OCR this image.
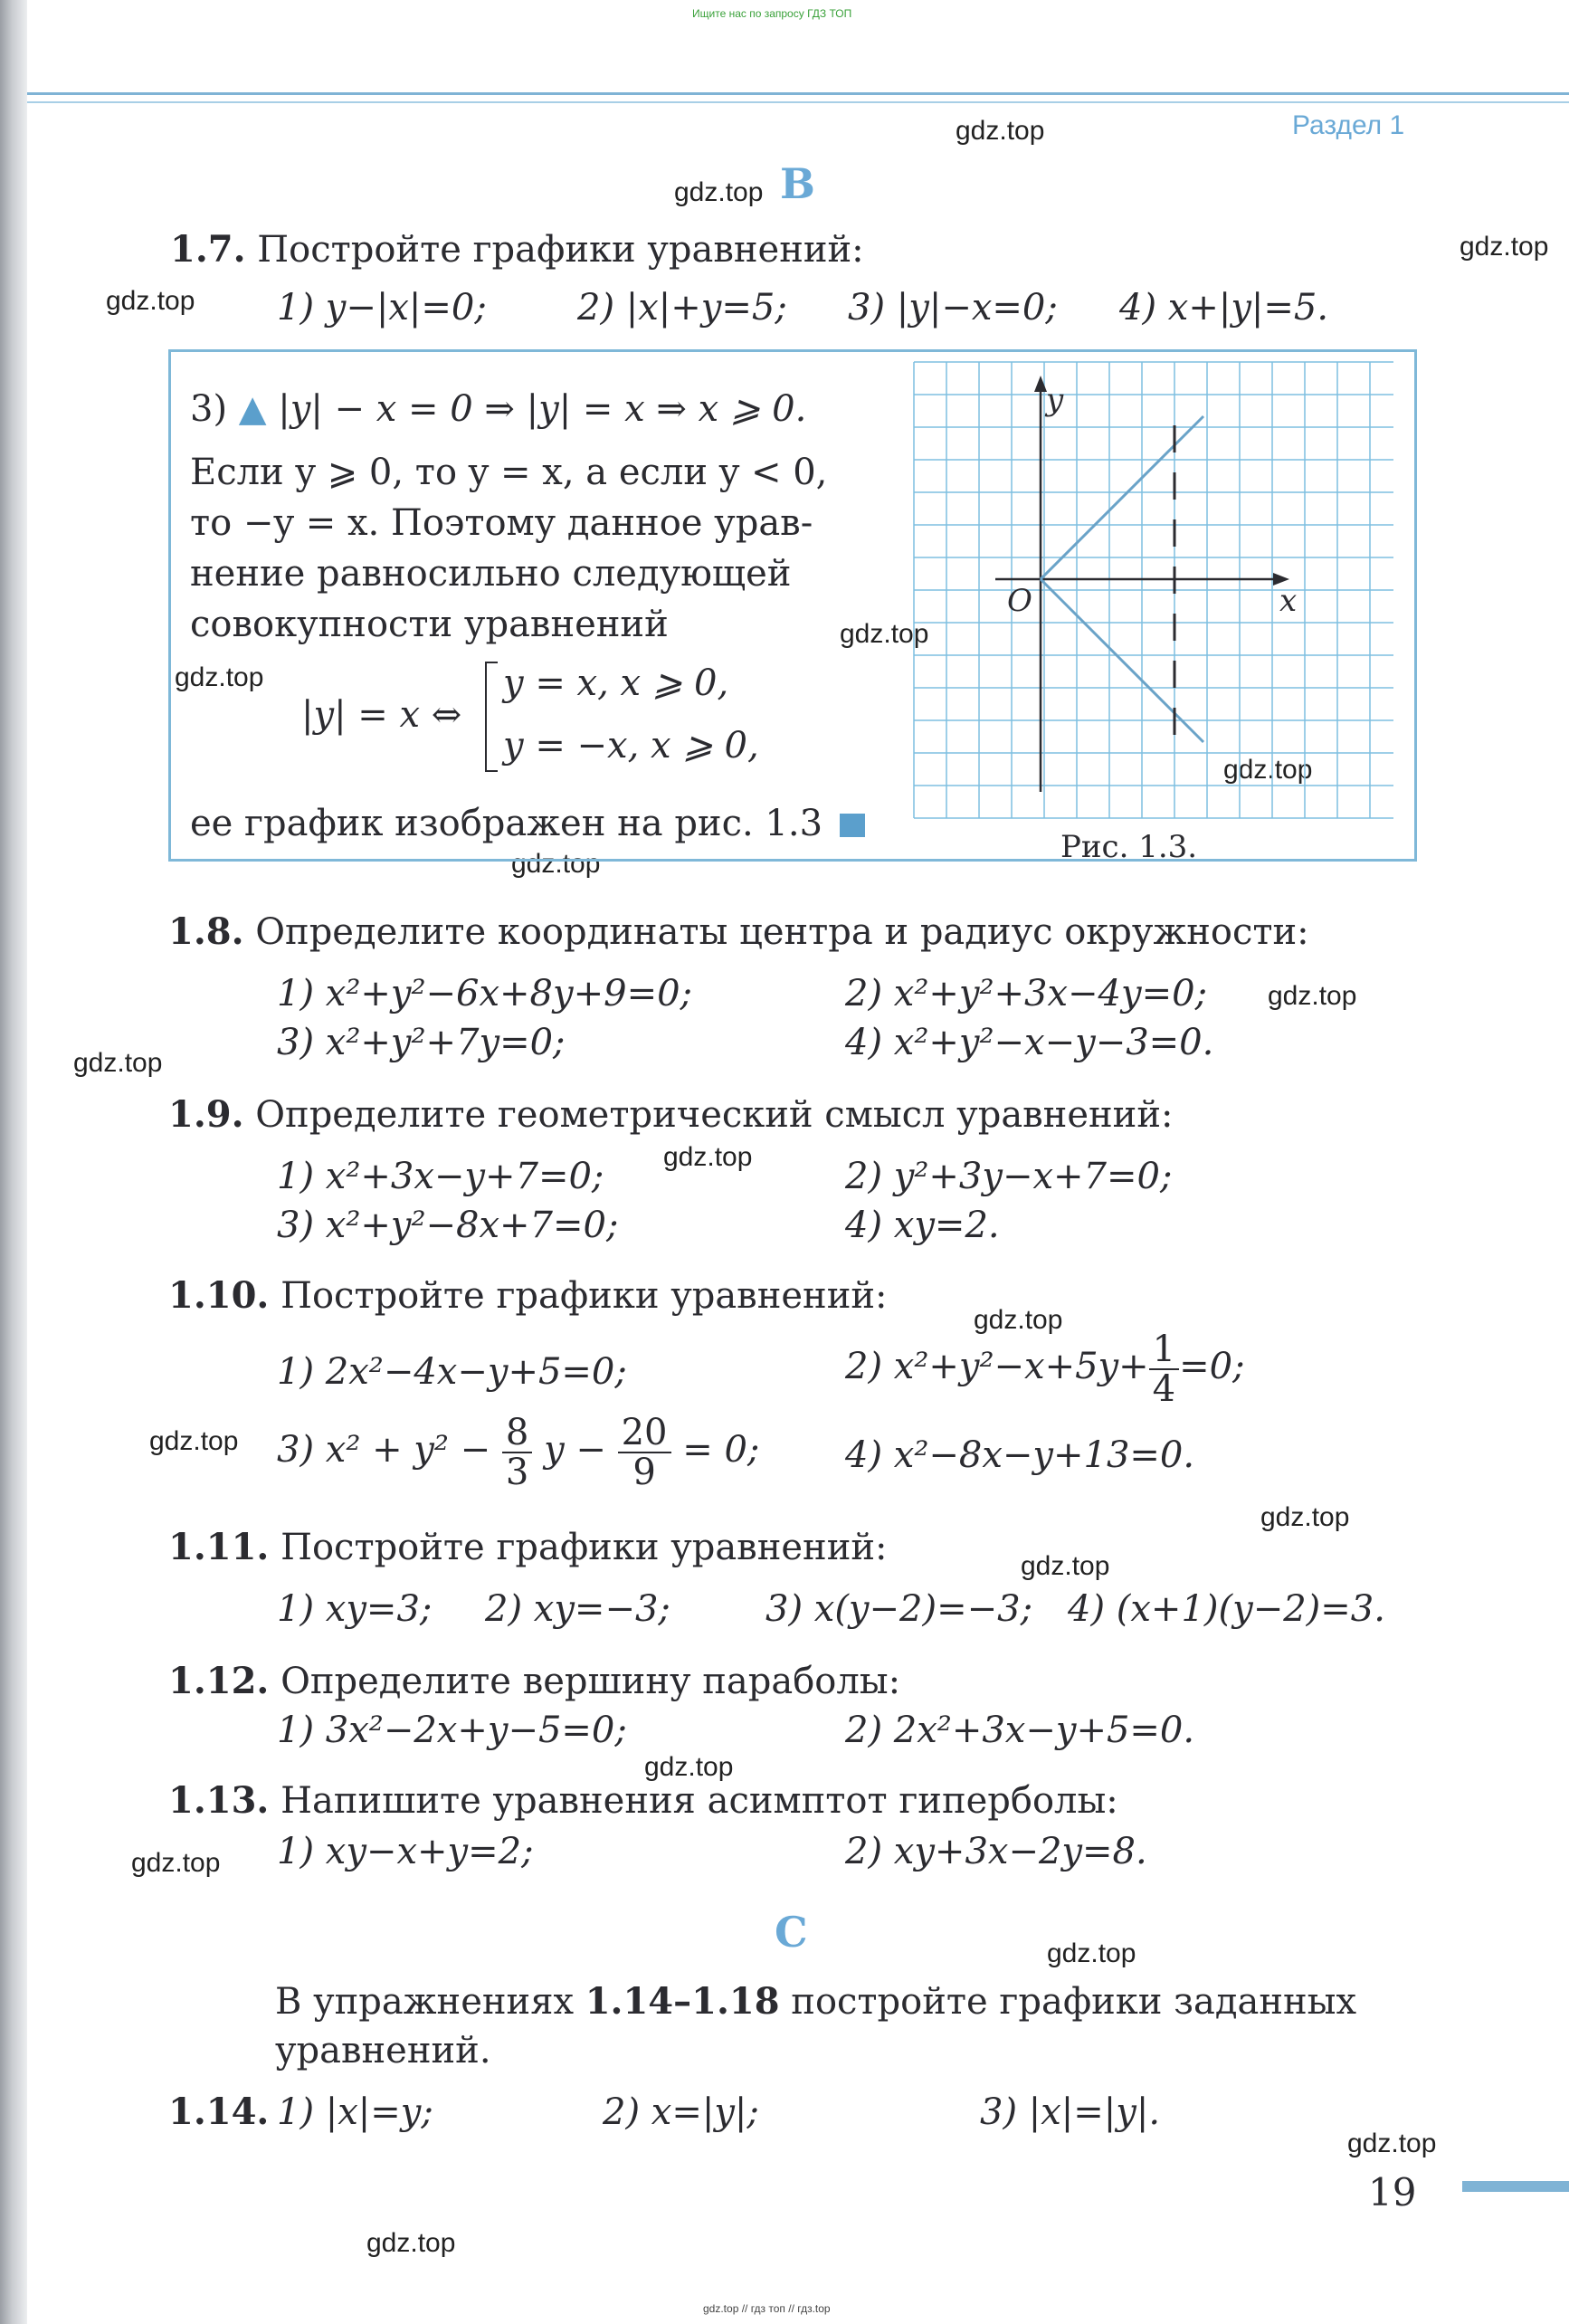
Ищите нас по запросу ГДЗ ТОП
Раздел 1
gdz.top
gdz.top
gdz.top
gdz.top
gdz.top
gdz.top
gdz.top
gdz.top
gdz.top
gdz.top
gdz.top
gdz.top
gdz.top
gdz.top
gdz.top
gdz.top
gdz.top
gdz.top
gdz.top
gdz.top
B
1.7. Постройте графики уравнений:
1) y−|x|=0;	2) |x|+y=5; 3) |y|−x=0; 4) x+|y|=5.
3) ▲ |y| − x = 0 ⇒ |y| = x ⇒ x ⩾ 0.
Если y ⩾ 0, то y = x, а если y < 0,
то −y = x. Поэтому данное урав-
нение равносильно следующей
совокупности уравнений
|y| = x ⇔
y = x, x ⩾ 0,
y = −x, x ⩾ 0,
ее график изображен на рис. 1.3
y
x
O
Рис. 1.3.
1.8. Определите координаты центра и радиус окружности:
1) x²+y²−6x+8y+9=0;	2) x²+y²+3x−4y=0;
3) x²+y²+7y=0;	4) x²+y²−x−y−3=0.
1.9. Определите геометрический смысл уравнений:
1) x²+3x−y+7=0;	2) y²+3y−x+7=0;
3) x²+y²−8x+7=0;	4) xy=2.
1.10. Постройте графики уравнений:
1) 2x²−4x−y+5=0;	2) $x^2+y^2-x+5y+ \frac{1}{4} =0$;
3) $x^2 + y^2 - \frac{8}{3}$ $y - \frac{20}{9} = 0$; 4) x²−8x−y+13=0.
1.11. Постройте графики уравнений:
1) xy=3; 2) xy=−3;	3) x(y−2)=−3; 4) (x+1)(y−2)=3.
1.12. Определите вершину параболы:
1) 3x²−2x+y−5=0;	2) 2x²+3x−y+5=0.
1.13. Напишите уравнения асимптот гиперболы:
1) xy−x+y=2;	2) xy+3x−2y=8.
C
В упражнениях 1.14–1.18 постройте графики заданных
уравнений.
1.14. 1) |x|=y;	2) x=|y|;	3) |x|=|y|.
19
gdz.top // гдз топ // гдз.top
